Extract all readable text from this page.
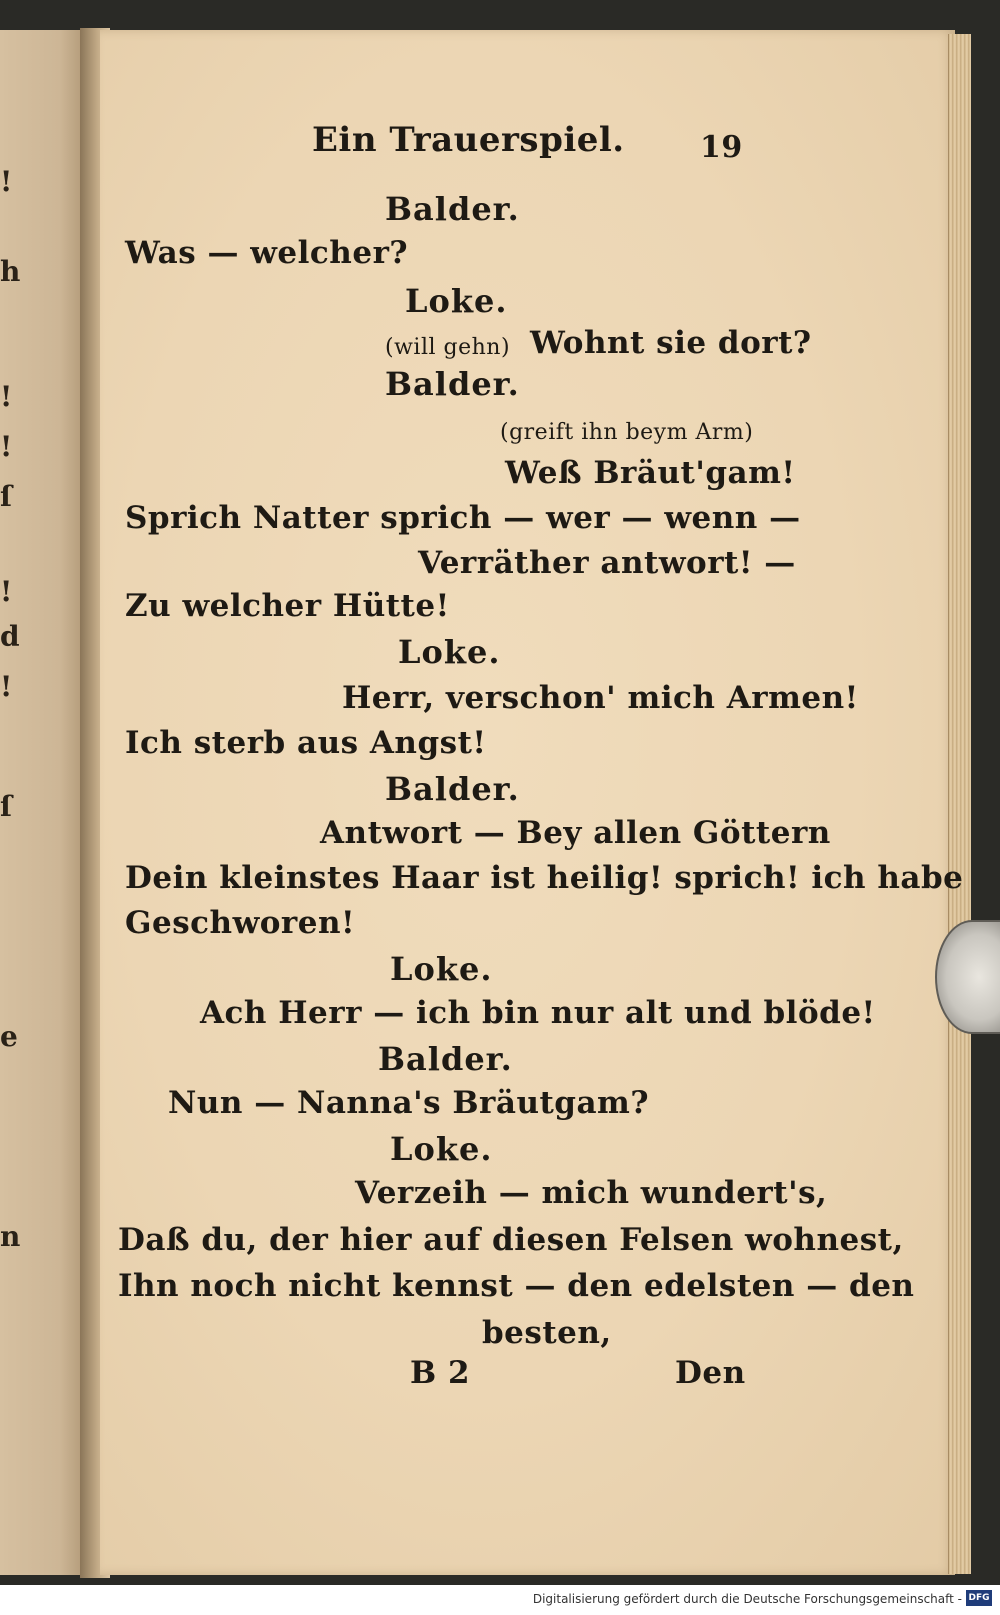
!
h
!
!
ſ
!
d
!
ſ
e
n
Ein Trauerspiel.	19
Balder.
Was — welcher?
Loke.
(will gehn) Wohnt sie dort?
Balder.
(greift ihn beym Arm)
Weß Bräut'gam!
Sprich Natter sprich — wer — wenn —
Verräther antwort! —
Zu welcher Hütte!
Loke.
Herr, verschon' mich Armen!
Ich sterb aus Angst!
Balder.
Antwort — Bey allen Göttern
Dein kleinstes Haar ist heilig! sprich! ich habe
Geschworen!
Loke.
Ach Herr — ich bin nur alt und blöde!
Balder.
Nun — Nanna's Bräutgam?
Loke.
Verzeih — mich wundert's,
Daß du, der hier auf diesen Felsen wohnest,
Ihn noch nicht kennst — den edelsten — den
besten,
B 2	Den
Digitalisierung gefördert durch die Deutsche Forschungsgemeinschaft - DFG
